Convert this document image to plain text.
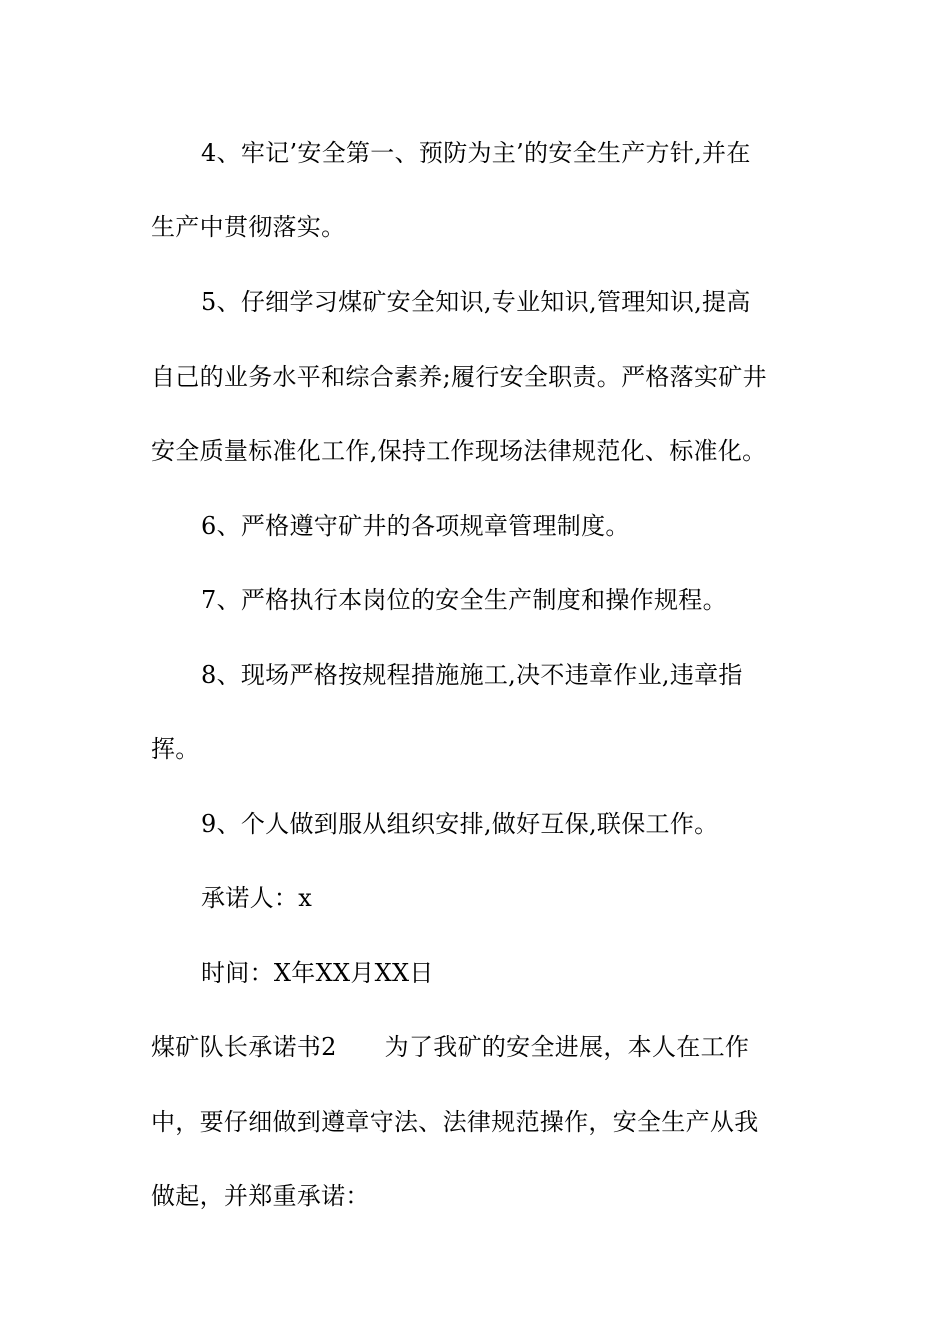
4、牢记’安全第一、预防为主’的安全生产方针,并在
生产中贯彻落实。
5、仔细学习煤矿安全知识,专业知识,管理知识,提高
自己的业务水平和综合素养;履行安全职责。严格落实矿井
安全质量标准化工作,保持工作现场法律规范化、标准化。
6、严格遵守矿井的各项规章管理制度。
7、严格执行本岗位的安全生产制度和操作规程。
8、现场严格按规程措施施工,决不违章作业,违章指
挥。
9、个人做到服从组织安排,做好互保,联保工作。
承诺人：x
时间：X年XX月XX日
煤矿队长承诺书2 为了我矿的安全进展，本人在工作
中，要仔细做到遵章守法、法律规范操作，安全生产从我
做起，并郑重承诺：
